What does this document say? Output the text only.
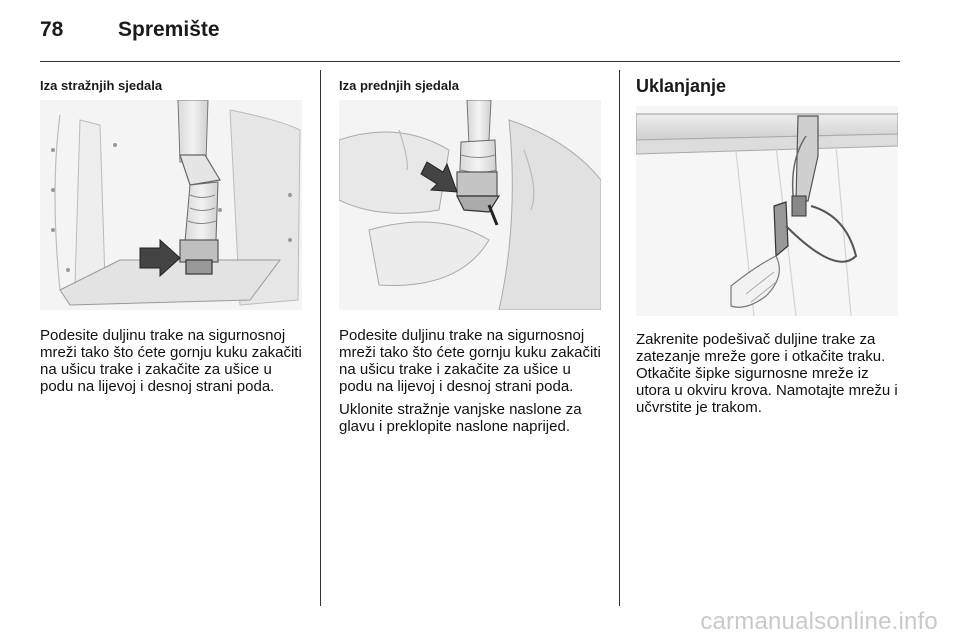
78	Spremište
Iza stražnjih sjedala

Podesite duljinu trake na sigurnosnoj mreži tako što ćete gornju kuku zakačiti na ušicu trake i zakačite za ušice u podu na lijevoj i desnoj strani poda.

Iza prednjih sjedala

Podesite duljinu trake na sigurnosnoj mreži tako što ćete gornju kuku zakačiti na ušicu trake i zakačite za ušice u podu na lijevoj i desnoj strani poda.

Uklonite stražnje vanjske naslone za glavu i preklopite naslone naprijed.

Uklanjanje

Zakrenite podešivač duljine trake za zatezanje mreže gore i otkačite traku. Otkačite šipke sigurnosne mreže iz utora u okviru krova. Namotajte mrežu i učvrstite je trakom.

carmanualsonline.info
